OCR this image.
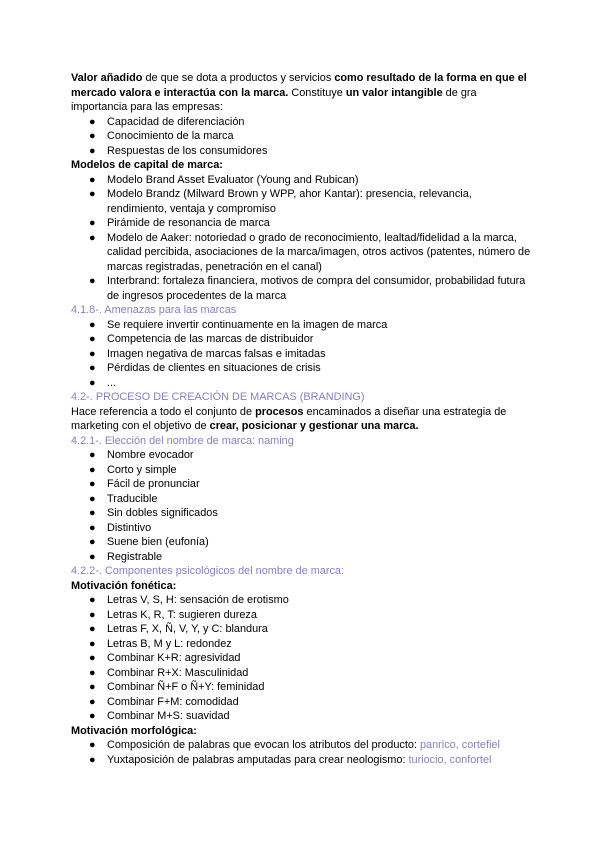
Valor añadido de que se dota a productos y servicios como resultado de la forma en que el mercado valora e interactúa con la marca. Constituye un valor intangible de gra importancia para las empresas:

●	Capacidad de diferenciación
●	Conocimiento de la marca
●	Respuestas de los consumidores

Modelos de capital de marca:

●	Modelo Brand Asset Evaluator (Young and Rubican)
●	Modelo Brandz (Milward Brown y WPP, ahor Kantar): presencia, relevancia, rendimiento, ventaja y compromiso
●	Pirámide de resonancia de marca
●	Modelo de Aaker: notoriedad o grado de reconocimiento, lealtad/fidelidad a la marca, calidad percibida, asociaciones de la marca/imagen, otros activos (patentes, número de marcas registradas, penetración en el canal)
●	Interbrand: fortaleza financiera, motivos de compra del consumidor, probabilidad futura de ingresos procedentes de la marca

4.1.8-. Amenazas para las marcas

●	Se requiere invertir continuamente en la imagen de marca
●	Competencia de las marcas de distribuidor
●	Imagen negativa de marcas falsas e imitadas
●	Pérdidas de clientes en situaciones de crisis
●	...

4.2-. PROCESO DE CREACIÓN DE MARCAS (BRANDING)

Hace referencia a todo el conjunto de procesos encaminados a diseñar una estrategia de marketing con el objetivo de crear, posicionar y gestionar una marca.

4.2.1-. Elección del nombre de marca: naming

●	Nombre evocador
●	Corto y simple
●	Fácil de pronunciar
●	Traducible
●	Sin dobles significados
●	Distintivo
●	Suene bien (eufonía)
●	Registrable

4.2.2-. Componentes psicológicos del nombre de marca:

Motivación fonética:

●	Letras V, S, H: sensación de erotismo
●	Letras K, R, T: sugieren dureza
●	Letras F, X, Ñ, V, Y, y C: blandura
●	Letras B, M y L: redondez
●	Combinar K+R: agresividad
●	Combinar R+X: Masculinidad
●	Combinar Ñ+F o Ñ+Y: feminidad
●	Combinar F+M: comodidad
●	Combinar M+S: suavidad

Motivación morfológica:

●	Composición de palabras que evocan los atributos del producto: panrico, cortefiel
●	Yuxtaposición de palabras amputadas para crear neologismo: turiocio, confortel
